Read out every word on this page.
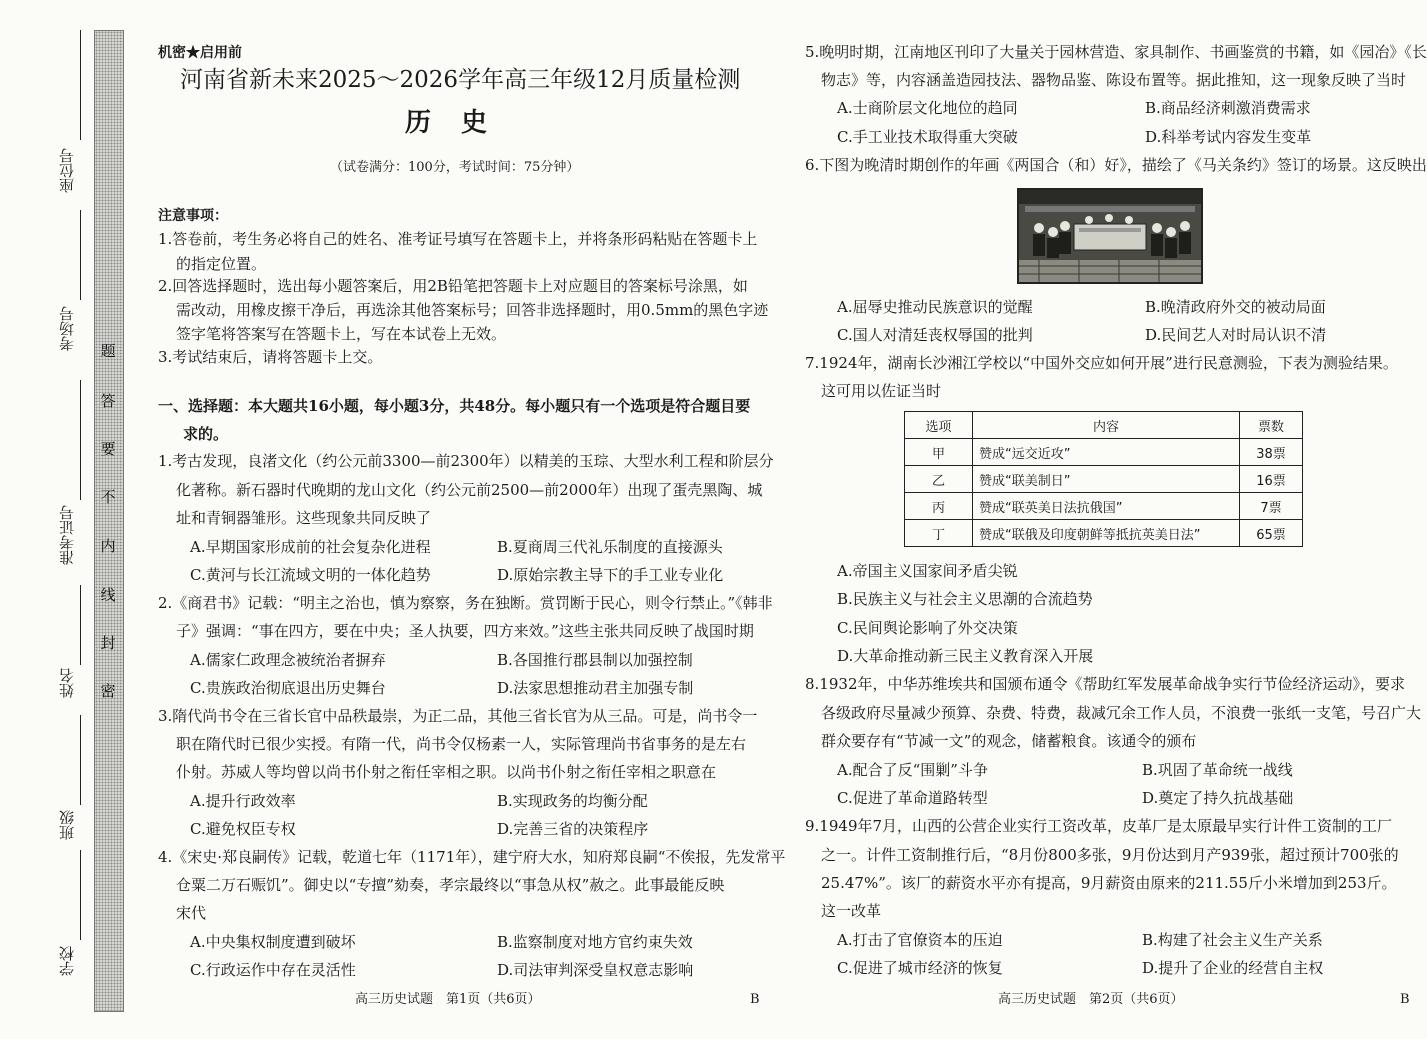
座位号
考场号
准考证号
姓名
班级
学校
题
答
要
不
内
线
封
密
机密★启用前
河南省新未来2025～2026学年高三年级12月质量检测
历　史
（试卷满分：100分，考试时间：75分钟）
注意事项：
1.答卷前，考生务必将自己的姓名、准考证号填写在答题卡上，并将条形码粘贴在答题卡上
的指定位置。
2.回答选择题时，选出每小题答案后，用2B铅笔把答题卡上对应题目的答案标号涂黑，如
需改动，用橡皮擦干净后，再选涂其他答案标号；回答非选择题时，用0.5mm的黑色字迹
签字笔将答案写在答题卡上，写在本试卷上无效。
3.考试结束后，请将答题卡上交。
一、选择题：本大题共16小题，每小题3分，共48分。每小题只有一个选项是符合题目要
求的。
1.考古发现，良渚文化（约公元前3300—前2300年）以精美的玉琮、大型水利工程和阶层分
化著称。新石器时代晚期的龙山文化（约公元前2500—前2000年）出现了蛋壳黑陶、城
址和青铜器雏形。这些现象共同反映了
A.早期国家形成前的社会复杂化进程	B.夏商周三代礼乐制度的直接源头
C.黄河与长江流域文明的一体化趋势	D.原始宗教主导下的手工业专业化
2.《商君书》记载：“明主之治也，慎为察察，务在独断。赏罚断于民心，则令行禁止。”《韩非
子》强调：“事在四方，要在中央；圣人执要，四方来效。”这些主张共同反映了战国时期
A.儒家仁政理念被统治者摒弃	B.各国推行郡县制以加强控制
C.贵族政治彻底退出历史舞台	D.法家思想推动君主加强专制
3.隋代尚书令在三省长官中品秩最崇，为正二品，其他三省长官为从三品。可是，尚书令一
职在隋代时已很少实授。有隋一代，尚书令仅杨素一人，实际管理尚书省事务的是左右
仆射。苏威人等均曾以尚书仆射之衔任宰相之职。以尚书仆射之衔任宰相之职意在
A.提升行政效率	B.实现政务的均衡分配
C.避免权臣专权	D.完善三省的决策程序
4.《宋史·郑良嗣传》记载，乾道七年（1171年），建宁府大水，知府郑良嗣“不俟报，先发常平
仓粟二万石赈饥”。御史以“专擅”劾奏，孝宗最终以“事急从权”赦之。此事最能反映
宋代
A.中央集权制度遭到破坏	B.监察制度对地方官约束失效
C.行政运作中存在灵活性	D.司法审判深受皇权意志影响
高三历史试题　第1页（共6页）	B
5.晚明时期，江南地区刊印了大量关于园林营造、家具制作、书画鉴赏的书籍，如《园冶》《长
物志》等，内容涵盖造园技法、器物品鉴、陈设布置等。据此推知，这一现象反映了当时
A.士商阶层文化地位的趋同	B.商品经济刺激消费需求
C.手工业技术取得重大突破	D.科举考试内容发生变革
6.下图为晚清时期创作的年画《两国合（和）好》，描绘了《马关条约》签订的场景。这反映出
A.屈辱史推动民族意识的觉醒	B.晚清政府外交的被动局面
C.国人对清廷丧权辱国的批判	D.民间艺人对时局认识不清
7.1924年，湖南长沙湘江学校以“中国外交应如何开展”进行民意测验，下表为测验结果。
这可用以佐证当时
选项	内容	票数
甲	赞成“远交近攻”	38票
乙	赞成“联美制日”	16票
丙	赞成“联英美日法抗俄国”	7票
丁	赞成“联俄及印度朝鲜等抵抗英美日法”	65票
A.帝国主义国家间矛盾尖锐
B.民族主义与社会主义思潮的合流趋势
C.民间舆论影响了外交决策
D.大革命推动新三民主义教育深入开展
8.1932年，中华苏维埃共和国颁布通令《帮助红军发展革命战争实行节俭经济运动》，要求
各级政府尽量减少预算、杂费、特费，裁减冗余工作人员，不浪费一张纸一支笔，号召广大
群众要存有“节减一文”的观念，储蓄粮食。该通令的颁布
A.配合了反“围剿”斗争	B.巩固了革命统一战线
C.促进了革命道路转型	D.奠定了持久抗战基础
9.1949年7月，山西的公营企业实行工资改革，皮革厂是太原最早实行计件工资制的工厂
之一。计件工资制推行后，“8月份800多张，9月份达到月产939张，超过预计700张的
25.47%”。该厂的薪资水平亦有提高，9月薪资由原来的211.55斤小米增加到253斤。
这一改革
A.打击了官僚资本的压迫	B.构建了社会主义生产关系
C.促进了城市经济的恢复	D.提升了企业的经营自主权
高三历史试题　第2页（共6页）	B
